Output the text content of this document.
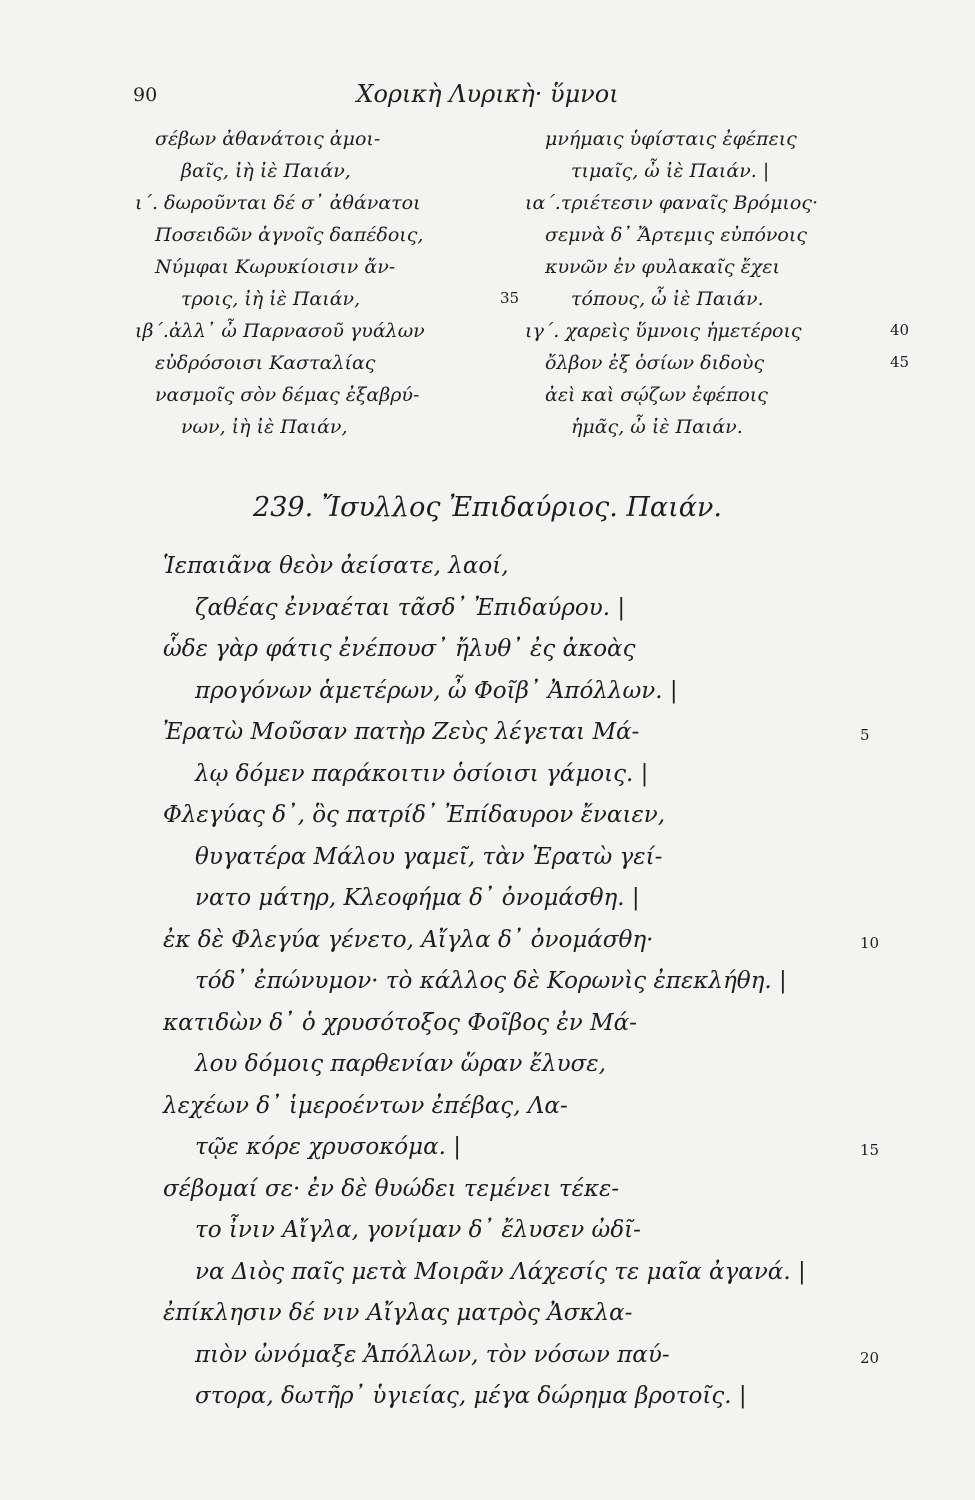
90	Χορικὴ Λυρικὴ· ὕμνοι
σέβων ἀθανάτοις ἀμοι-
βαῖς, ἰὴ ἰὲ Παιάν,
ι΄. δωροῦνται δέ σ᾽ ἀθάνατοι
Ποσειδῶν ἁγνοῖς δαπέδοις,
Νύμφαι Κωρυκίοισιν ἄν-
τροις, ἰὴ ἰὲ Παιάν,
ιβ΄.ἀλλ᾽ ὦ Παρνασοῦ γυάλων
εὐδρόσοισι Κασταλίας
νασμοῖς σὸν δέμας ἐξαβρύ-
νων, ἰὴ ἰὲ Παιάν,
35
μνήμαις ὑφίσταις ἐφέπεις
τιμαῖς, ὦ ἰὲ Παιάν. |
ια΄.τριέτεσιν φαναῖς Βρόμιος·
σεμνὰ δ᾽ Ἄρτεμις εὐπόνοις
κυνῶν ἐν φυλακαῖς ἔχει
τόπους, ὦ ἰὲ Παιάν.
ιγ΄. χαρεὶς ὕμνοις ἡμετέροις
ὄλβον ἐξ ὁσίων διδοὺς
ἀεὶ καὶ σῴζων ἐφέποις
ἡμᾶς, ὦ ἰὲ Παιάν.
40
45
239. Ἴσυλλος Ἐπιδαύριος. Παιάν.
Ἱεπαιᾶνα θεὸν ἀείσατε, λαοί,
ζαθέας ἐνναέται τᾶσδ᾽ Ἐπιδαύρου. |
ὧδε γὰρ φάτις ἐνέπουσ᾽ ἤλυθ᾽ ἐς ἀκοὰς
προγόνων ἁμετέρων, ὦ Φοῖβ᾽ Ἀπόλλων. |
Ἐρατὼ Μοῦσαν πατὴρ Ζεὺς λέγεται Μά-
λῳ δόμεν παράκοιτιν ὁσίοισι γάμοις. |
Φλεγύας δ᾽, ὃς πατρίδ᾽ Ἐπίδαυρον ἔναιεν,
θυγατέρα Μάλου γαμεῖ, τὰν Ἐρατὼ γεί-
νατο μάτηρ, Κλεοφήμα δ᾽ ὀνομάσθη. |
ἐκ δὲ Φλεγύα γένετο, Αἴγλα δ᾽ ὀνομάσθη·
τόδ᾽ ἐπώνυμον· τὸ κάλλος δὲ Κορωνὶς ἐπεκλήθη. |
κατιδὼν δ᾽ ὁ χρυσότοξος Φοῖβος ἐν Μά-
λου δόμοις παρθενίαν ὥραν ἔλυσε,
λεχέων δ᾽ ἱμεροέντων ἐπέβας, Λα-
τῷε κόρε χρυσοκόμα. |
σέβομαί σε· ἐν δὲ θυώδει τεμένει τέκε-
το ἶνιν Αἴγλα, γονίμαν δ᾽ ἔλυσεν ὠδῖ-
να Διὸς παῖς μετὰ Μοιρᾶν Λάχεσίς τε μαῖα ἀγανά. |
ἐπίκλησιν δέ νιν Αἴγλας ματρὸς Ἀσκλα-
πιὸν ὠνόμαξε Ἀπόλλων, τὸν νόσων παύ-
στορα, δωτῆρ᾽ ὑγιείας, μέγα δώρημα βροτοῖς. |
5
10
15
20
